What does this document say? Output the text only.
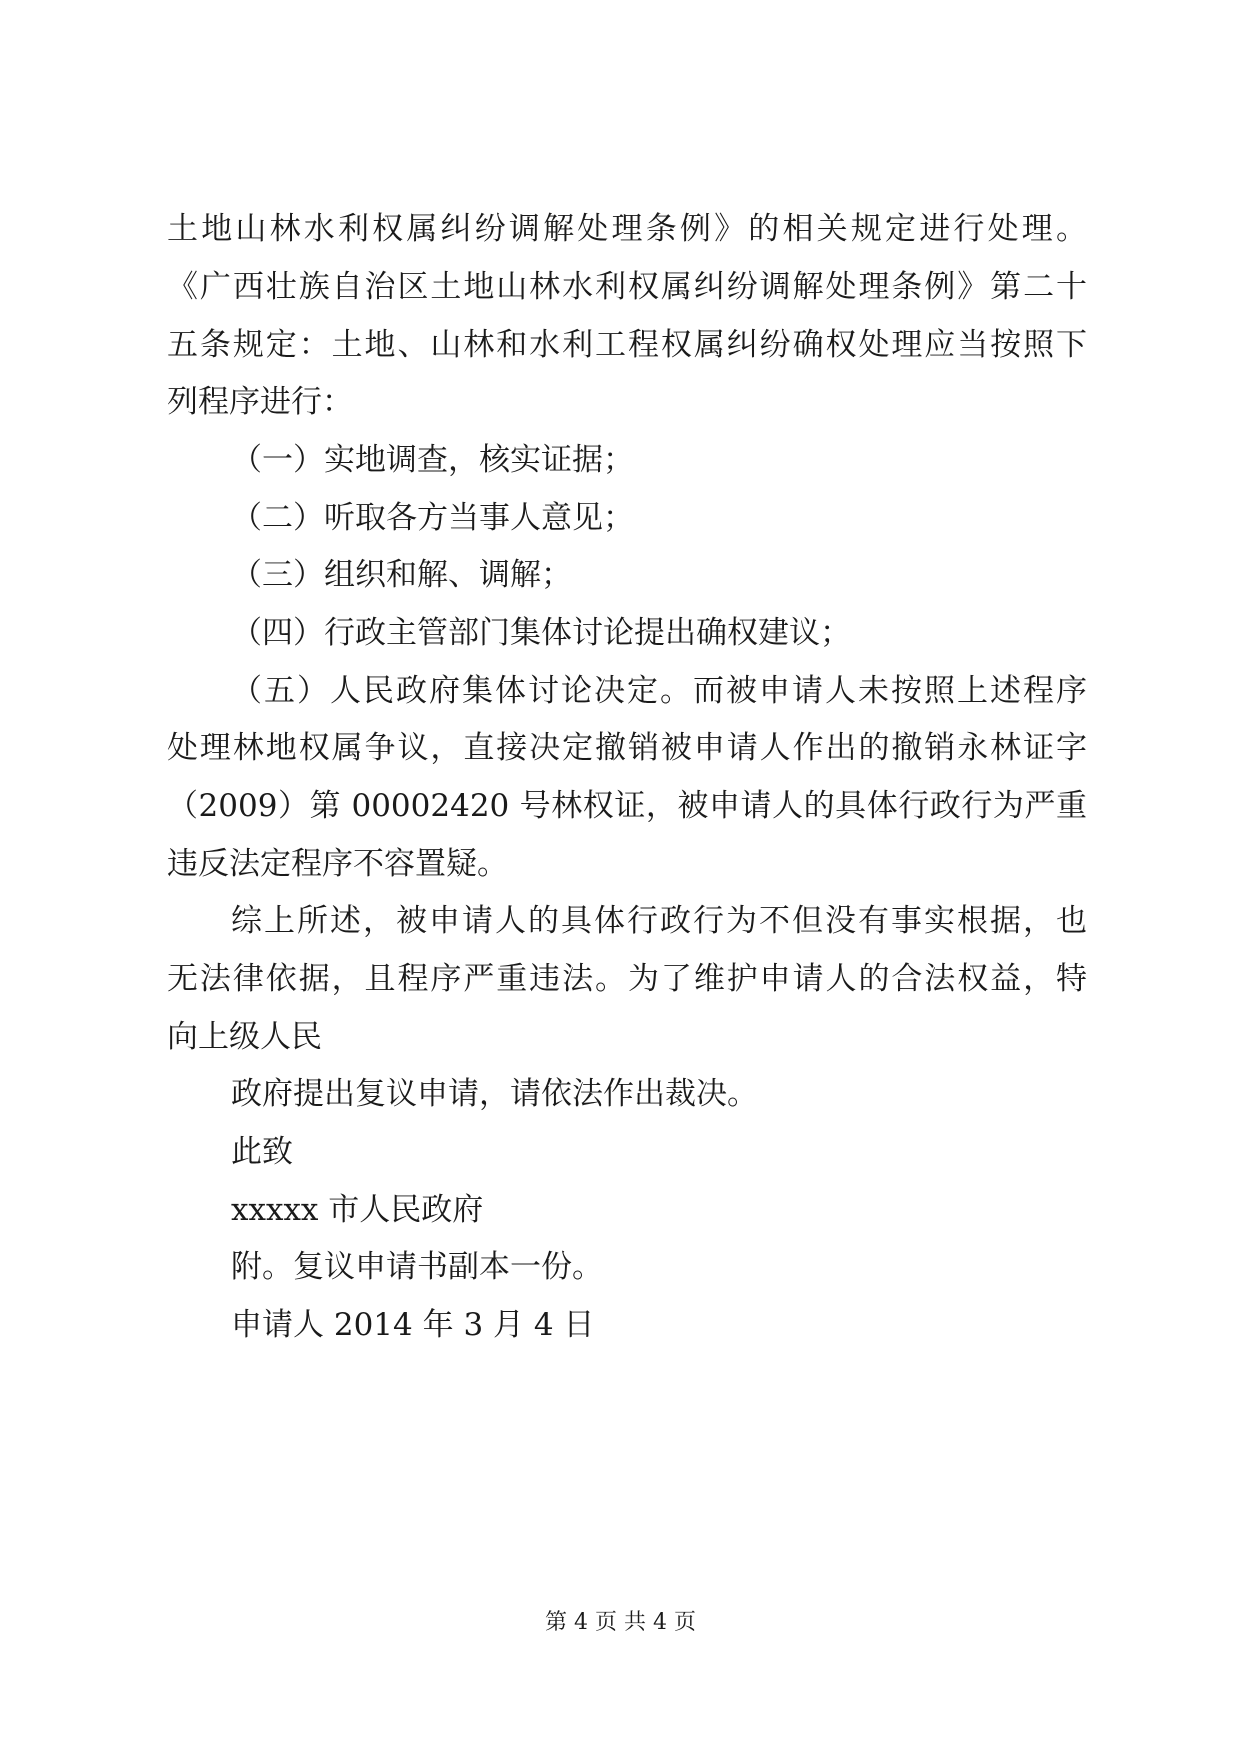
土地山林水利权属纠纷调解处理条例》的相关规定进行处理。
《广西壮族自治区土地山林水利权属纠纷调解处理条例》第二十
五条规定：土地、山林和水利工程权属纠纷确权处理应当按照下
列程序进行：
（一）实地调查，核实证据；
（二）听取各方当事人意见；
（三）组织和解、调解；
（四）行政主管部门集体讨论提出确权建议；
（五）人民政府集体讨论决定。而被申请人未按照上述程序
处理林地权属争议，直接决定撤销被申请人作出的撤销永林证字
（2009）第 00002420 号林权证，被申请人的具体行政行为严重
违反法定程序不容置疑。
综上所述，被申请人的具体行政行为不但没有事实根据，也
无法律依据，且程序严重违法。为了维护申请人的合法权益，特
向上级人民
政府提出复议申请，请依法作出裁决。
此致
xxxxx 市人民政府
附。复议申请书副本一份。
申请人 2014 年 3 月 4 日
第 4 页 共 4 页
